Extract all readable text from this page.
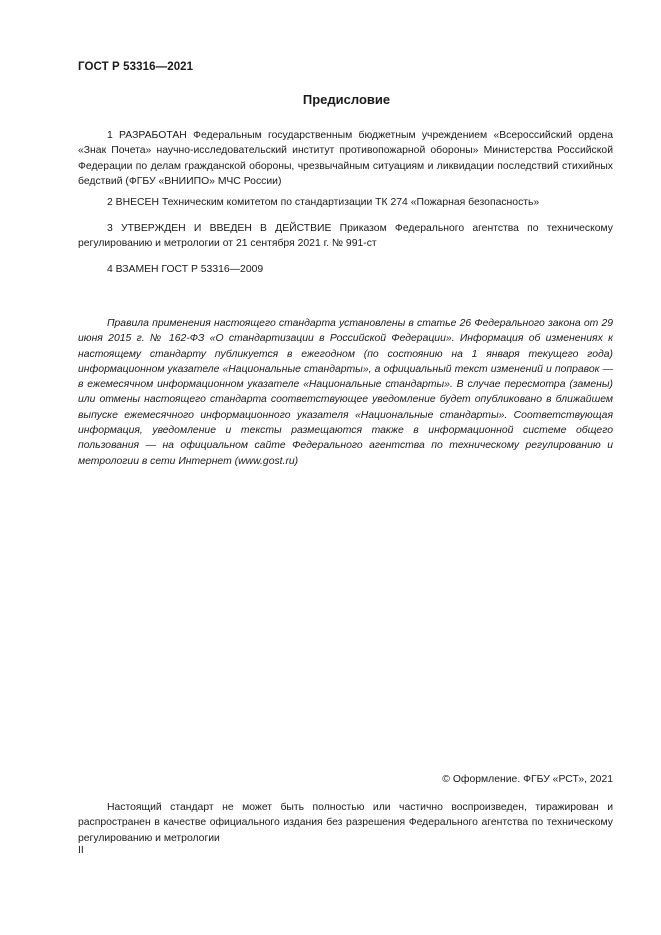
ГОСТ Р 53316—2021
Предисловие

1 РАЗРАБОТАН Федеральным государственным бюджетным учреждением «Всероссийский ордена «Знак Почета» научно-исследовательский институт противопожарной обороны» Министерства Российской Федерации по делам гражданской обороны, чрезвычайным ситуациям и ликвидации последствий стихийных бедствий (ФГБУ «ВНИИПО» МЧС России)

2 ВНЕСЕН Техническим комитетом по стандартизации ТК 274 «Пожарная безопасность»

3 УТВЕРЖДЕН И ВВЕДЕН В ДЕЙСТВИЕ Приказом Федерального агентства по техническому регулированию и метрологии от 21 сентября 2021 г. № 991-ст

4 ВЗАМЕН ГОСТ Р 53316—2009

Правила применения настоящего стандарта установлены в статье 26 Федерального закона от 29 июня 2015 г. № 162-ФЗ «О стандартизации в Российской Федерации». Информация об изменениях к настоящему стандарту публикуется в ежегодном (по состоянию на 1 января текущего года) информационном указателе «Национальные стандарты», а официальный текст изменений и поправок — в ежемесячном информационном указателе «Национальные стандарты». В случае пересмотра (замены) или отмены настоящего стандарта соответствующее уведомление будет опубликовано в ближайшем выпуске ежемесячного информационного указателя «Национальные стандарты». Соответствующая информация, уведомление и тексты размещаются также в информационной системе общего пользования — на официальном сайте Федерального агентства по техническому регулированию и метрологии в сети Интернет (www.gost.ru)

© Оформление. ФГБУ «РСТ», 2021

Настоящий стандарт не может быть полностью или частично воспроизведен, тиражирован и распространен в качестве официального издания без разрешения Федерального агентства по техническому регулированию и метрологии

II
